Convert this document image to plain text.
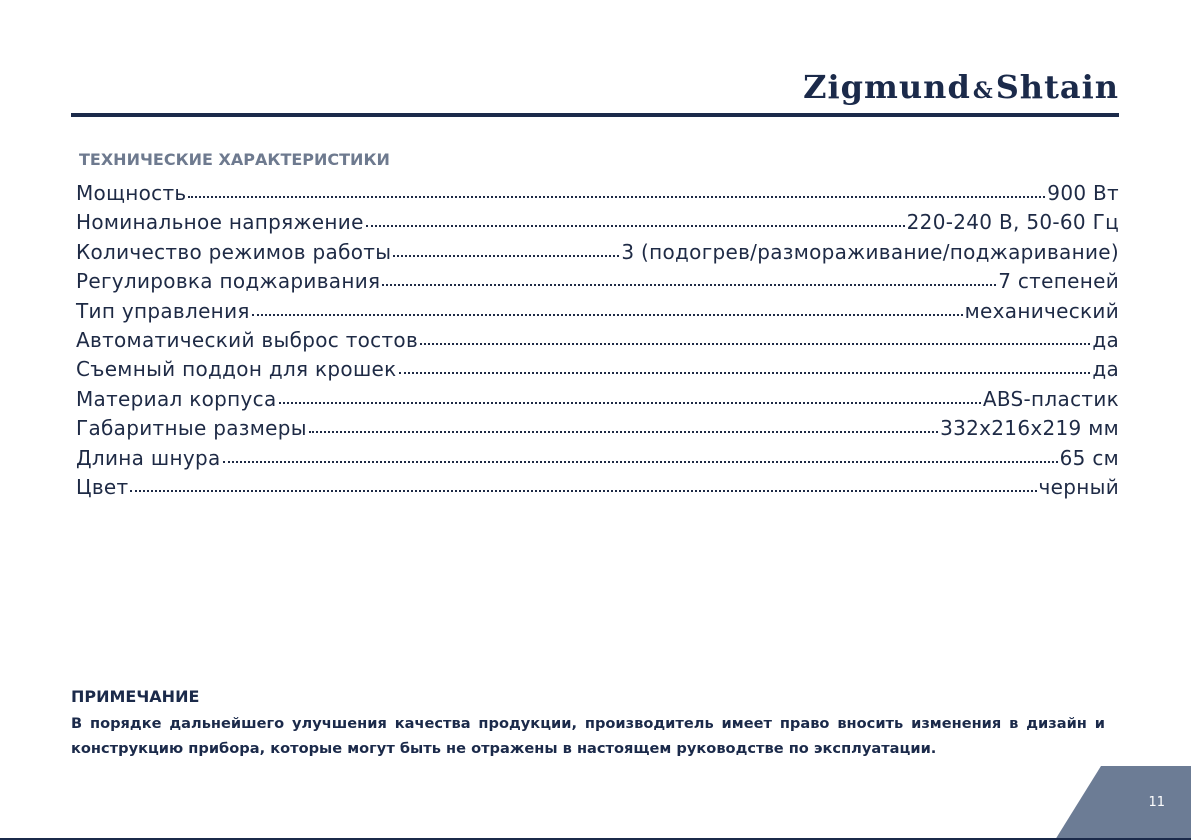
Zigmund&Shtain
ТЕХНИЧЕСКИЕ ХАРАКТЕРИСТИКИ
Мощность	900 Вт
Номинальное напряжение	220-240 В, 50-60 Гц
Количество режимов работы	3 (подогрев/размораживание/поджаривание)
Регулировка поджаривания	7 степеней
Тип управления	механический
Автоматический выброс тостов	да
Съемный поддон для крошек	да
Материал корпуса	ABS-пластик
Габаритные размеры	332х216х219 мм
Длина шнура	65 см
Цвет	черный
ПРИМЕЧАНИЕ
В порядке дальнейшего улучшения качества продукции, производитель имеет право вносить изменения в дизайн и конструкцию прибора, которые могут быть не отражены в настоящем руководстве по эксплуатации.
11
